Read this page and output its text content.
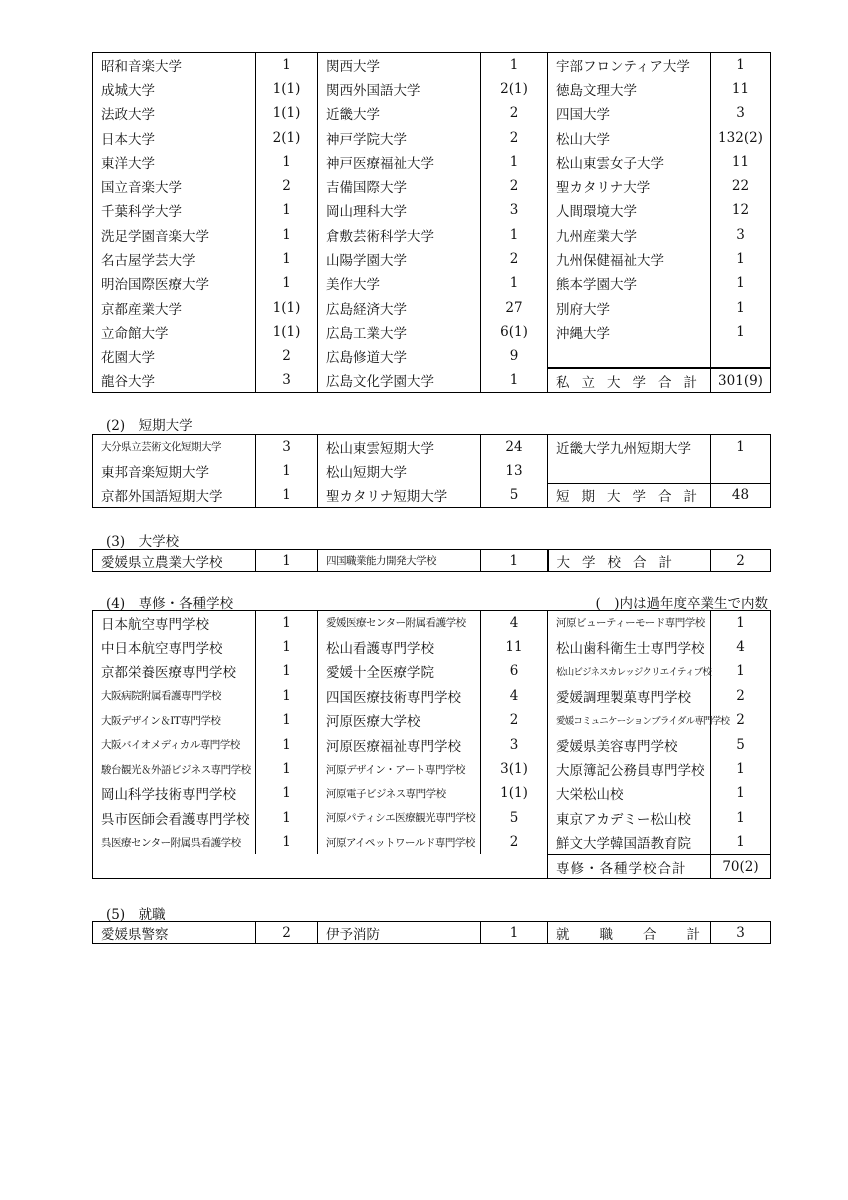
昭和音楽大学	1	関西大学	1	宇部フロンティア大学	1
成城大学	1(1)	関西外国語大学	2(1)	徳島文理大学	11
法政大学	1(1)	近畿大学	2	四国大学	3
日本大学	2(1)	神戸学院大学	2	松山大学	132(2)
東洋大学	1	神戸医療福祉大学	1	松山東雲女子大学	11
国立音楽大学	2	吉備国際大学	2	聖カタリナ大学	22
千葉科学大学	1	岡山理科大学	3	人間環境大学	12
洗足学園音楽大学	1	倉敷芸術科学大学	1	九州産業大学	3
名古屋学芸大学	1	山陽学園大学	2	九州保健福祉大学	1
明治国際医療大学	1	美作大学	1	熊本学園大学	1
京都産業大学	1(1)	広島経済大学	27	別府大学	1
立命館大学	1(1)	広島工業大学	6(1)	沖縄大学	1
花園大学	2	広島修道大学	9		
龍谷大学	3	広島文化学園大学	1	私立大学合計	301(9)
(2)　短期大学
大分県立芸術文化短期大学	3	松山東雲短期大学	24	近畿大学九州短期大学	1
東邦音楽短期大学	1	松山短期大学	13		
京都外国語短期大学	1	聖カタリナ短期大学	5	短期大学合計	48
(3)　大学校
愛媛県立農業大学校	1	四国職業能力開発大学校	1	大学校合計	2
(4)　専修・各種学校	(　)内は過年度卒業生で内数
日本航空専門学校	1	愛媛医療センター附属看護学校	4	河原ビューティーモード専門学校	1
中日本航空専門学校	1	松山看護専門学校	11	松山歯科衛生士専門学校	4
京都栄養医療専門学校	1	愛媛十全医療学院	6	松山ビジネスカレッジクリエイティブ校	1
大阪病院附属看護専門学校	1	四国医療技術専門学校	4	愛媛調理製菓専門学校	2
大阪デザイン＆IT専門学校	1	河原医療大学校	2	愛媛コミュニケーションブライダル専門学校	2
大阪バイオメディカル専門学校	1	河原医療福祉専門学校	3	愛媛県美容専門学校	5
駿台観光＆外語ビジネス専門学校	1	河原デザイン・アート専門学校	3(1)	大原簿記公務員専門学校	1
岡山科学技術専門学校	1	河原電子ビジネス専門学校	1(1)	大栄松山校	1
呉市医師会看護専門学校	1	河原パティシエ医療観光専門学校	5	東京アカデミー松山校	1
呉医療センター附属呉看護学校	1	河原アイペットワールド専門学校	2	鮮文大学韓国語教育院	1
				専修・各種学校合計	70(2)
(5)　就職
愛媛県警察	2	伊予消防	1	就職合計	3
